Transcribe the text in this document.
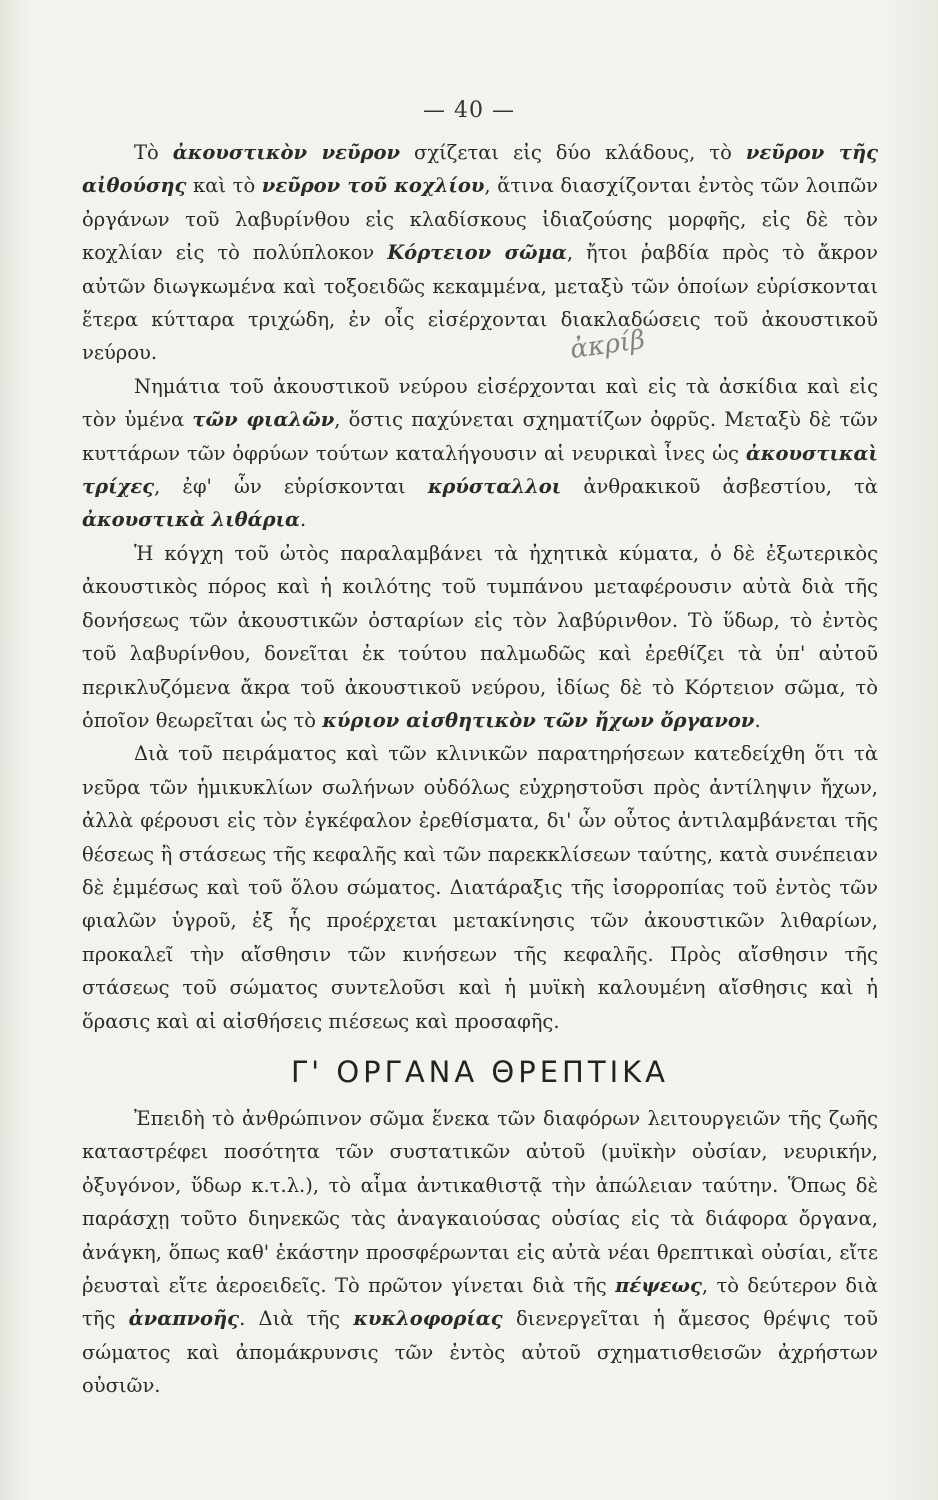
— 40 —
ἀκρίβ

Τὸ ἀκουστικὸν νεῦρον σχίζεται εἰς δύο κλάδους, τὸ νεῦρον τῆς αἰθούσης καὶ τὸ νεῦρον τοῦ κοχλίου, ἅτινα διασχίζονται ἐντὸς τῶν λοιπῶν ὀργάνων τοῦ λαβυρίνθου εἰς κλαδίσκους ἰδιαζούσης μορφῆς, εἰς δὲ τὸν κοχλίαν εἰς τὸ πολύπλοκον Κόρτειον σῶμα, ἤτοι ῥαβδία πρὸς τὸ ἄκρον αὐτῶν διωγκωμένα καὶ τοξοειδῶς κεκαμμένα, μεταξὺ τῶν ὁποίων εὑρίσκονται ἕτερα κύτταρα τριχώδη, ἐν οἷς εἰσέρχονται διακλαδώσεις τοῦ ἀκουστικοῦ νεύρου.

Νημάτια τοῦ ἀκουστικοῦ νεύρου εἰσέρχονται καὶ εἰς τὰ ἀσκίδια καὶ εἰς τὸν ὑμένα τῶν φιαλῶν, ὅστις παχύνεται σχηματίζων ὀφρῦς. Μεταξὺ δὲ τῶν κυττάρων τῶν ὀφρύων τούτων καταλήγουσιν αἱ νευρικαὶ ἶνες ὡς ἀκουστικαὶ τρίχες, ἐφ' ὧν εὑρίσκονται κρύσταλλοι ἀνθρακικοῦ ἀσβεστίου, τὰ ἀκουστικὰ λιθάρια.

Ἡ κόγχη τοῦ ὠτὸς παραλαμβάνει τὰ ἠχητικὰ κύματα, ὁ δὲ ἐξωτερικὸς ἀκουστικὸς πόρος καὶ ἡ κοιλότης τοῦ τυμπάνου μεταφέρουσιν αὐτὰ διὰ τῆς δονήσεως τῶν ἀκουστικῶν ὀσταρίων εἰς τὸν λαβύρινθον. Τὸ ὕδωρ, τὸ ἐντὸς τοῦ λαβυρίνθου, δονεῖται ἐκ τούτου παλμωδῶς καὶ ἐρεθίζει τὰ ὑπ' αὐτοῦ περικλυζόμενα ἄκρα τοῦ ἀκουστικοῦ νεύρου, ἰδίως δὲ τὸ Κόρτειον σῶμα, τὸ ὁποῖον θεωρεῖται ὡς τὸ κύριον αἰσθητικὸν τῶν ἤχων ὄργανον.

Διὰ τοῦ πειράματος καὶ τῶν κλινικῶν παρατηρήσεων κατεδείχθη ὅτι τὰ νεῦρα τῶν ἡμικυκλίων σωλήνων οὐδόλως εὐχρηστοῦσι πρὸς ἀντίληψιν ἤχων, ἀλλὰ φέρουσι εἰς τὸν ἐγκέφαλον ἐρεθίσματα, δι' ὧν οὗτος ἀντιλαμβάνεται τῆς θέσεως ἢ στάσεως τῆς κεφαλῆς καὶ τῶν παρεκκλίσεων ταύτης, κατὰ συνέπειαν δὲ ἐμμέσως καὶ τοῦ ὅλου σώματος. Διατάραξις τῆς ἰσορροπίας τοῦ ἐντὸς τῶν φιαλῶν ὑγροῦ, ἐξ ἧς προέρχεται μετακίνησις τῶν ἀκουστικῶν λιθαρίων, προκαλεῖ τὴν αἴσθησιν τῶν κινήσεων τῆς κεφαλῆς. Πρὸς αἴσθησιν τῆς στάσεως τοῦ σώματος συντελοῦσι καὶ ἡ μυϊκὴ καλουμένη αἴσθησις καὶ ἡ ὅρασις καὶ αἱ αἰσθήσεις πιέσεως καὶ προσαφῆς.

Γ' ΟΡΓΑΝΑ ΘΡΕΠΤΙΚΑ

Ἐπειδὴ τὸ ἀνθρώπινον σῶμα ἕνεκα τῶν διαφόρων λειτουργειῶν τῆς ζωῆς καταστρέφει ποσότητα τῶν συστατικῶν αὐτοῦ (μυϊκὴν οὐσίαν, νευρικήν, ὀξυγόνον, ὕδωρ κ.τ.λ.), τὸ αἷμα ἀντικαθιστᾷ τὴν ἀπώλειαν ταύτην. Ὅπως δὲ παράσχῃ τοῦτο διηνεκῶς τὰς ἀναγκαιούσας οὐσίας εἰς τὰ διάφορα ὄργανα, ἀνάγκη, ὅπως καθ' ἑκάστην προσφέρωνται εἰς αὐτὰ νέαι θρεπτικαὶ οὐσίαι, εἴτε ῥευσταὶ εἴτε ἀεροειδεῖς. Τὸ πρῶτον γίνεται διὰ τῆς πέψεως, τὸ δεύτερον διὰ τῆς ἀναπνοῆς. Διὰ τῆς κυκλοφορίας διενεργεῖται ἡ ἄμεσος θρέψις τοῦ σώματος καὶ ἀπομάκρυνσις τῶν ἐντὸς αὐτοῦ σχηματισθεισῶν ἀχρήστων οὐσιῶν.
